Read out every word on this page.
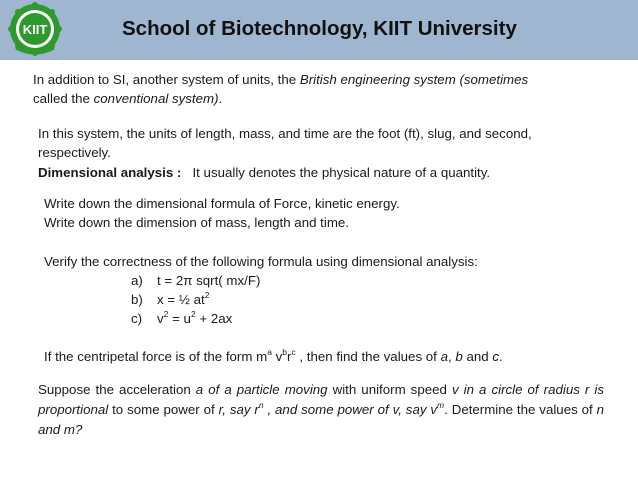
KIIT	School of Biotechnology, KIIT University
In addition to SI, another system of units, the British engineering system (sometimes
called the conventional system).
In this system, the units of length, mass, and time are the foot (ft), slug, and second,
respectively.
Dimensional analysis : It usually denotes the physical nature of a quantity.
Write down the dimensional formula of Force, kinetic energy.
Write down the dimension of mass, length and time.
Verify the correctness of the following formula using dimensional analysis:
a) t = 2π sqrt( mx/F)
b) x = ½ $at^2$
c) $v^2 = u^2 + 2ax$
If the centripetal force is of the form $m^a$ $v^br^c$ , then find the values of a, b and c.
Suppose the acceleration a of a particle moving with uniform speed v in a circle of radius r is proportional to some power of r, say $r^n$ , and some power of v, say $v^m$. Determine the values of n and m?
